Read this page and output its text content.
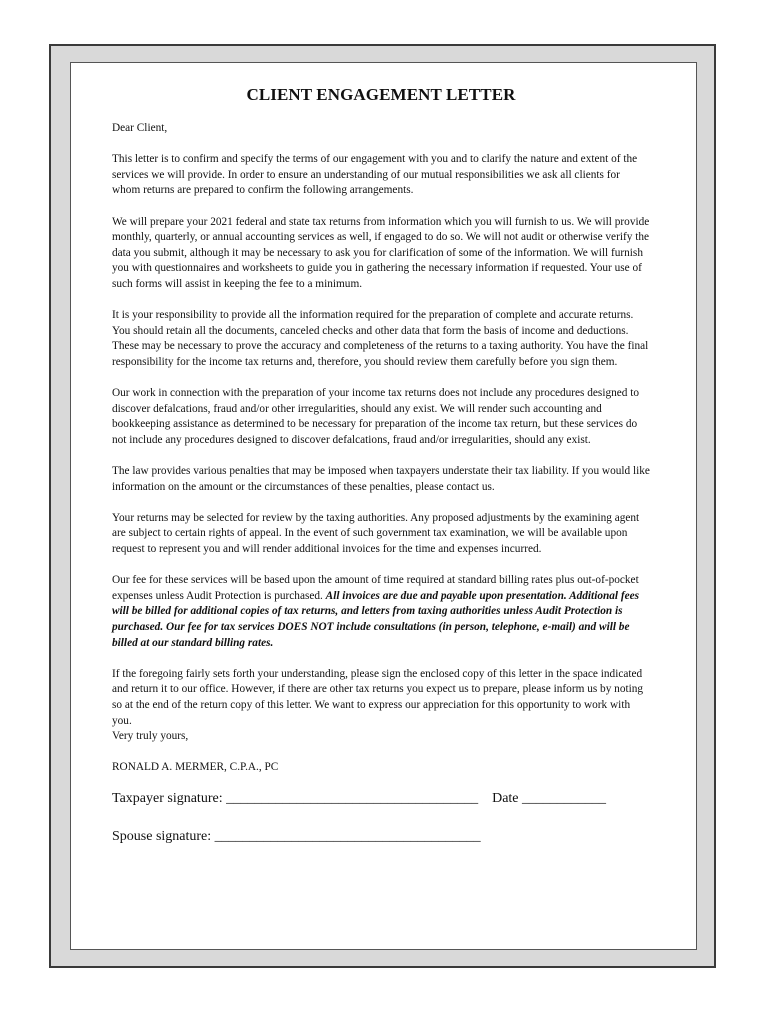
CLIENT ENGAGEMENT LETTER
Dear Client,
This letter is to confirm and specify the terms of our engagement with you and to clarify the nature and extent of the services we will provide. In order to ensure an understanding of our mutual responsibilities we ask all clients for whom returns are prepared to confirm the following arrangements.
We will prepare your 2021 federal and state tax returns from information which you will furnish to us. We will provide monthly, quarterly, or annual accounting services as well, if engaged to do so. We will not audit or otherwise verify the data you submit, although it may be necessary to ask you for clarification of some of the information. We will furnish you with questionnaires and worksheets to guide you in gathering the necessary information if requested. Your use of such forms will assist in keeping the fee to a minimum.
It is your responsibility to provide all the information required for the preparation of complete and accurate returns. You should retain all the documents, canceled checks and other data that form the basis of income and deductions. These may be necessary to prove the accuracy and completeness of the returns to a taxing authority. You have the final responsibility for the income tax returns and, therefore, you should review them carefully before you sign them.
Our work in connection with the preparation of your income tax returns does not include any procedures designed to discover defalcations, fraud and/or other irregularities, should any exist. We will render such accounting and bookkeeping assistance as determined to be necessary for preparation of the income tax return, but these services do not include any procedures designed to discover defalcations, fraud and/or irregularities, should any exist.
The law provides various penalties that may be imposed when taxpayers understate their tax liability. If you would like information on the amount or the circumstances of these penalties, please contact us.
Your returns may be selected for review by the taxing authorities. Any proposed adjustments by the examining agent are subject to certain rights of appeal. In the event of such government tax examination, we will be available upon request to represent you and will render additional invoices for the time and expenses incurred.
Our fee for these services will be based upon the amount of time required at standard billing rates plus out-of-pocket expenses unless Audit Protection is purchased. All invoices are due and payable upon presentation. Additional fees will be billed for additional copies of tax returns, and letters from taxing authorities unless Audit Protection is purchased. Our fee for tax services DOES NOT include consultations (in person, telephone, e-mail) and will be billed at our standard billing rates.
If the foregoing fairly sets forth your understanding, please sign the enclosed copy of this letter in the space indicated and return it to our office. However, if there are other tax returns you expect us to prepare, please inform us by noting so at the end of the return copy of this letter. We want to express our appreciation for this opportunity to work with you.
Very truly yours,
RONALD A. MERMER, C.P.A., PC
Taxpayer signature: ____________________________________ Date ____________
Spouse signature: ______________________________________
